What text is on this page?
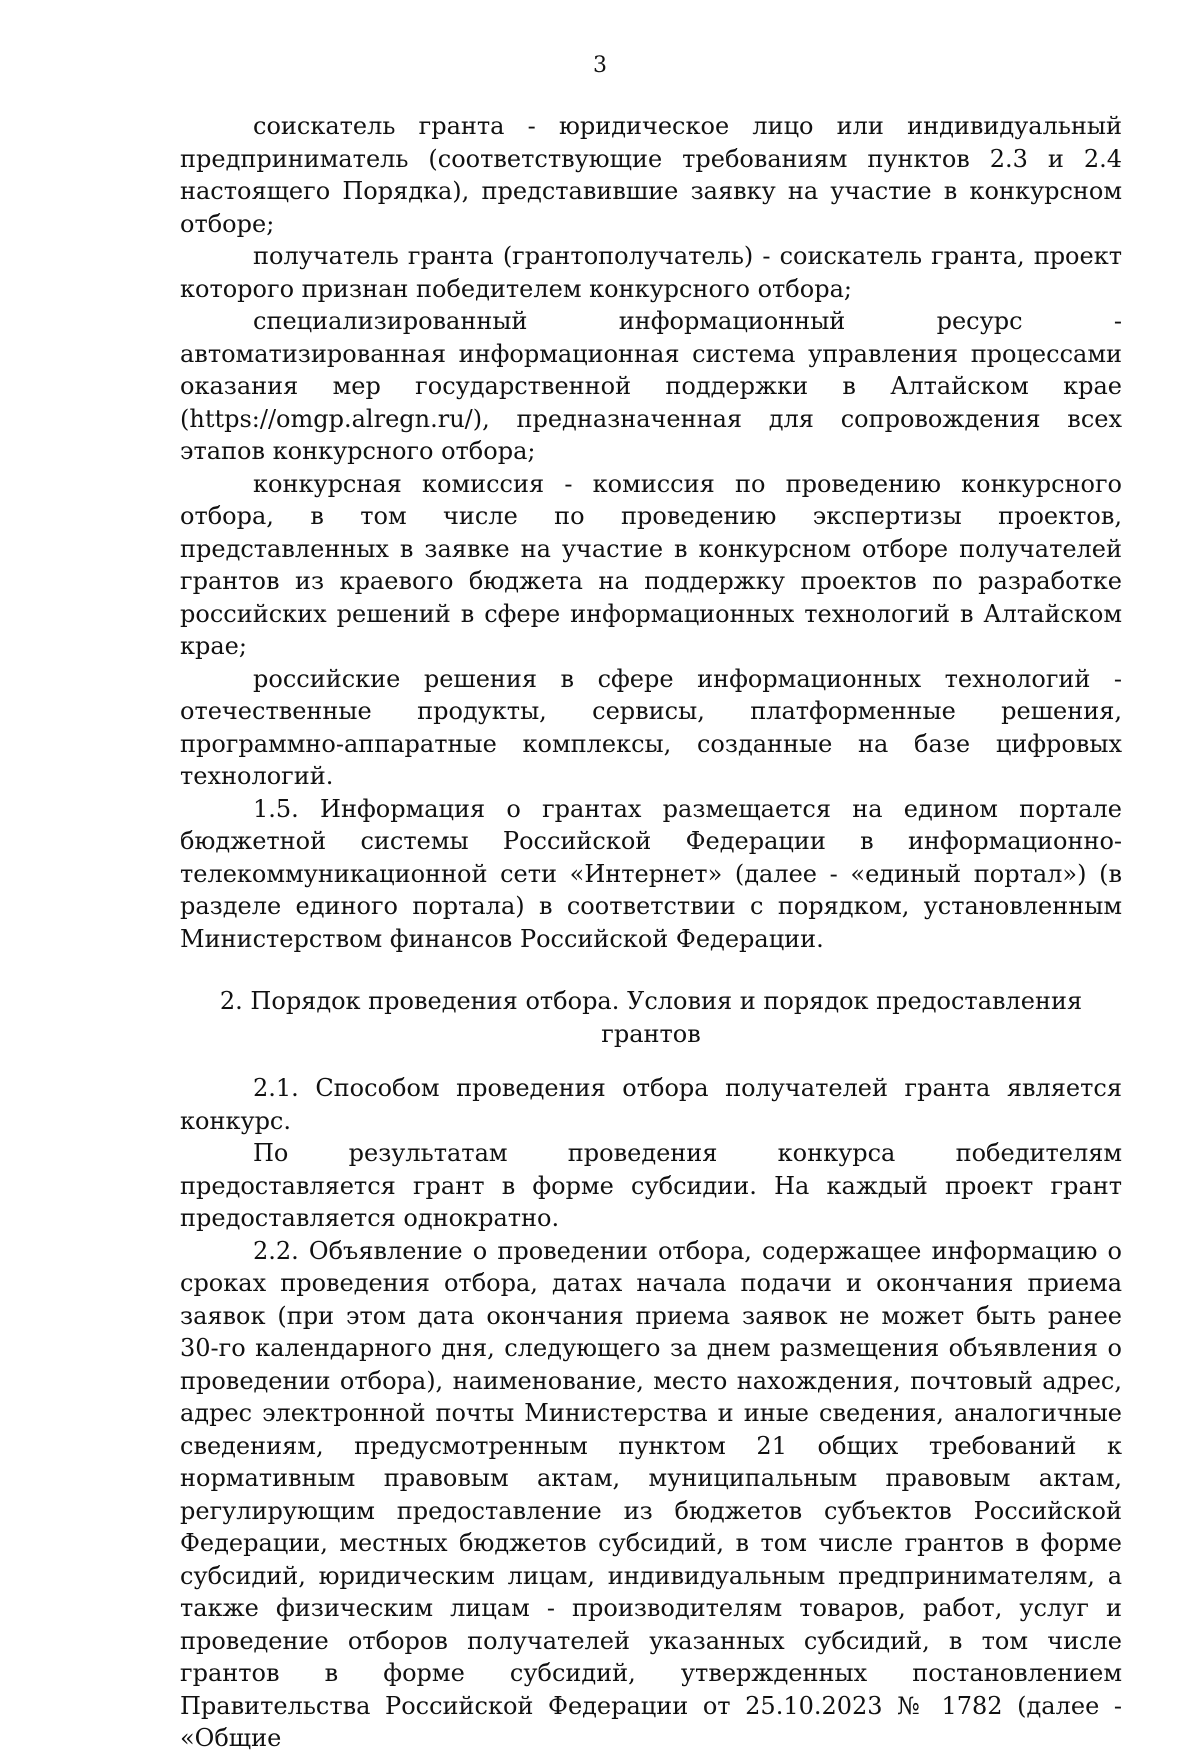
3

соискатель гранта - юридическое лицо или индивидуальный предприниматель (соответствующие требованиям пунктов 2.3 и 2.4 настоящего Порядка), представившие заявку на участие в конкурсном отборе;

получатель гранта (грантополучатель) - соискатель гранта, проект которого признан победителем конкурсного отбора;

специализированный информационный ресурс - автоматизированная информационная система управления процессами оказания мер государственной поддержки в Алтайском крае (https://omgp.alregn.ru/), предназначенная для сопровождения всех этапов конкурсного отбора;

конкурсная комиссия - комиссия по проведению конкурсного отбора, в том числе по проведению экспертизы проектов, представленных в заявке на участие в конкурсном отборе получателей грантов из краевого бюджета на поддержку проектов по разработке российских решений в сфере информационных технологий в Алтайском крае;

российские решения в сфере информационных технологий - отечественные продукты, сервисы, платформенные решения, программно-аппаратные комплексы, созданные на базе цифровых технологий.

1.5. Информация о грантах размещается на едином портале бюджетной системы Российской Федерации в информационно-телекоммуникационной сети «Интернет» (далее - «единый портал») (в разделе единого портала) в соответствии с порядком, установленным Министерством финансов Российской Федерации.

2. Порядок проведения отбора. Условия и порядок предоставления грантов

2.1. Способом проведения отбора получателей гранта является конкурс.

По результатам проведения конкурса победителям предоставляется грант в форме субсидии. На каждый проект грант предоставляется однократно.

2.2. Объявление о проведении отбора, содержащее информацию о сроках проведения отбора, датах начала подачи и окончания приема заявок (при этом дата окончания приема заявок не может быть ранее 30-го календарного дня, следующего за днем размещения объявления о проведении отбора), наименование, место нахождения, почтовый адрес, адрес электронной почты Министерства и иные сведения, аналогичные сведениям, предусмотренным пунктом 21 общих требований к нормативным правовым актам, муниципальным правовым актам, регулирующим предоставление из бюджетов субъектов Российской Федерации, местных бюджетов субсидий, в том числе грантов в форме субсидий, юридическим лицам, индивидуальным предпринимателям, а также физическим лицам - производителям товаров, работ, услуг и проведение отборов получателей указанных субсидий, в том числе грантов в форме субсидий, утвержденных постановлением Правительства Российской Федерации от 25.10.2023 № 1782 (далее - «Общие
